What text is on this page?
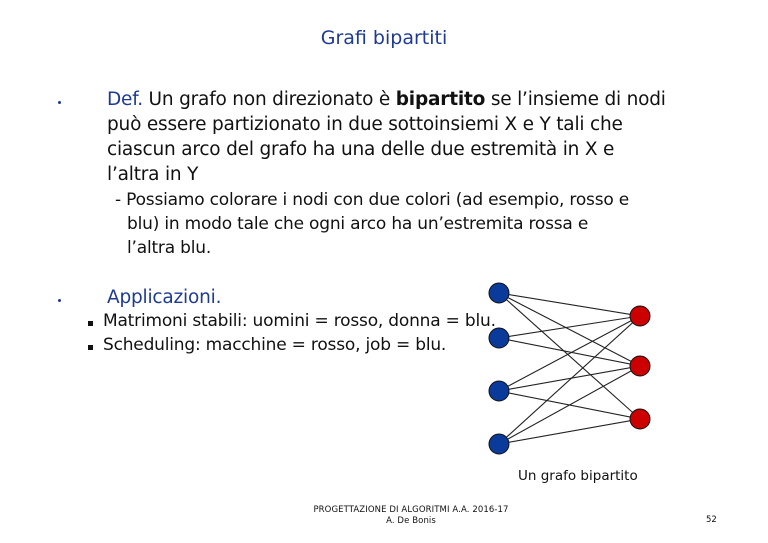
Grafi bipartiti
Def. Un grafo non direzionato è bipartito se l’insieme di nodi
può essere partizionato in due sottoinsiemi X e Y tali che
ciascun arco del grafo ha una delle due estremità in X e
l’altra in Y
- Possiamo colorare i nodi con due colori (ad esempio, rosso e
blu) in modo tale che ogni arco ha un’estremita rossa e
l’altra blu.
Applicazioni.
Matrimoni stabili: uomini = rosso, donna = blu.
Scheduling: macchine = rosso, job = blu.
Un grafo bipartito
PROGETTAZIONE DI ALGORITMI A.A. 2016-17
A. De Bonis	52
